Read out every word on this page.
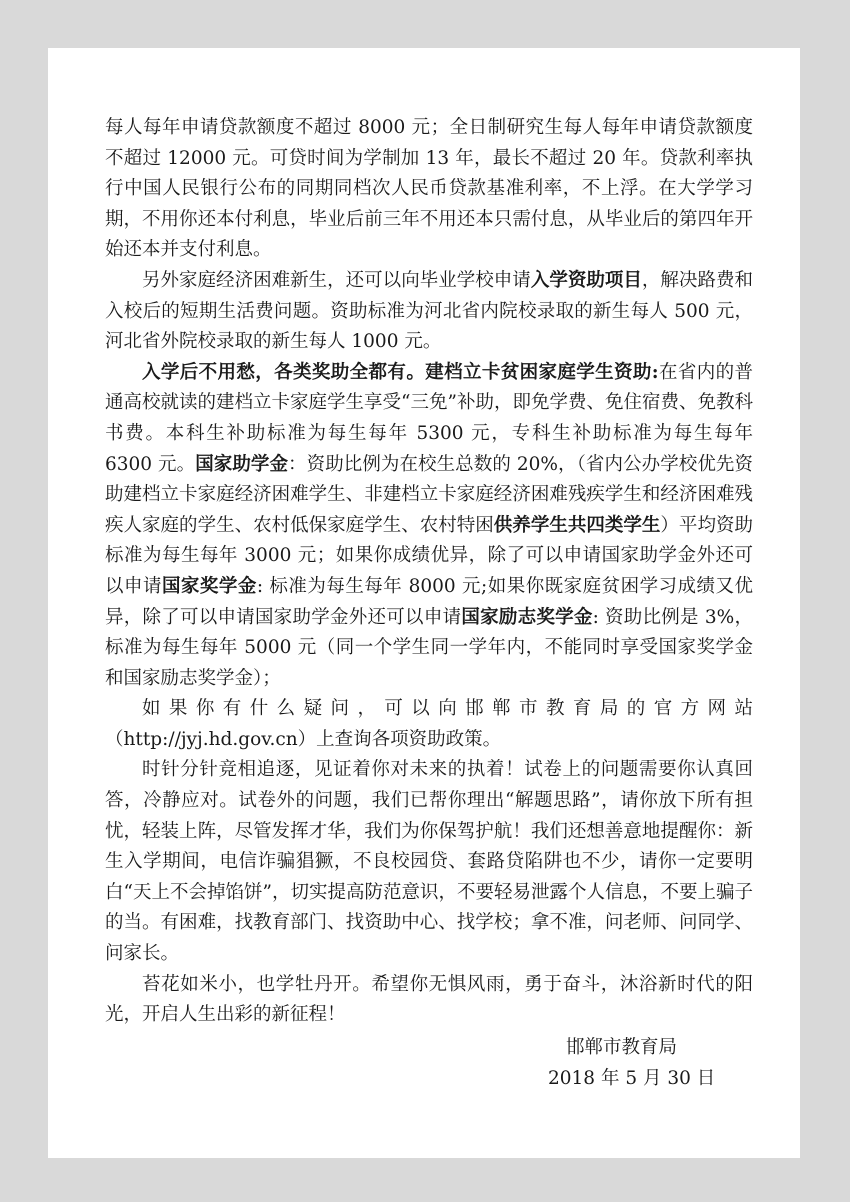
每人每年申请贷款额度不超过 8000 元；全日制研究生每人每年申请贷款额度不超过 12000 元。可贷时间为学制加 13 年，最长不超过 20 年。贷款利率执行中国人民银行公布的同期同档次人民币贷款基准利率，不上浮。在大学学习期，不用你还本付利息，毕业后前三年不用还本只需付息，从毕业后的第四年开始还本并支付利息。

另外家庭经济困难新生，还可以向毕业学校申请入学资助项目，解决路费和入校后的短期生活费问题。资助标准为河北省内院校录取的新生每人 500 元，河北省外院校录取的新生每人 1000 元。

入学后不用愁，各类奖助全都有。建档立卡贫困家庭学生资助:在省内的普通高校就读的建档立卡家庭学生享受“三免”补助，即免学费、免住宿费、免教科书费。本科生补助标准为每生每年 5300 元，专科生补助标准为每生每年 6300 元。国家助学金：资助比例为在校生总数的 20%，（省内公办学校优先资助建档立卡家庭经济困难学生、非建档立卡家庭经济困难残疾学生和经济困难残疾人家庭的学生、农村低保家庭学生、农村特困供养学生共四类学生）平均资助标准为每生每年 3000 元；如果你成绩优异，除了可以申请国家助学金外还可以申请国家奖学金: 标准为每生每年 8000 元;如果你既家庭贫困学习成绩又优异，除了可以申请国家助学金外还可以申请国家励志奖学金: 资助比例是 3%，标准为每生每年 5000 元（同一个学生同一学年内，不能同时享受国家奖学金和国家励志奖学金）；

如果你有什么疑问，可以向邯郸市教育局的官方网站（http://jyj.hd.gov.cn）上查询各项资助政策。

时针分针竞相追逐，见证着你对未来的执着！试卷上的问题需要你认真回答，冷静应对。试卷外的问题，我们已帮你理出“解题思路”，请你放下所有担忧，轻装上阵，尽管发挥才华，我们为你保驾护航！我们还想善意地提醒你：新生入学期间，电信诈骗猖獗，不良校园贷、套路贷陷阱也不少，请你一定要明白“天上不会掉馅饼”，切实提高防范意识，不要轻易泄露个人信息，不要上骗子的当。有困难，找教育部门、找资助中心、找学校；拿不准，问老师、问同学、问家长。

苔花如米小，也学牡丹开。希望你无惧风雨，勇于奋斗，沐浴新时代的阳光，开启人生出彩的新征程！

邯郸市教育局
2018 年 5 月 30 日
